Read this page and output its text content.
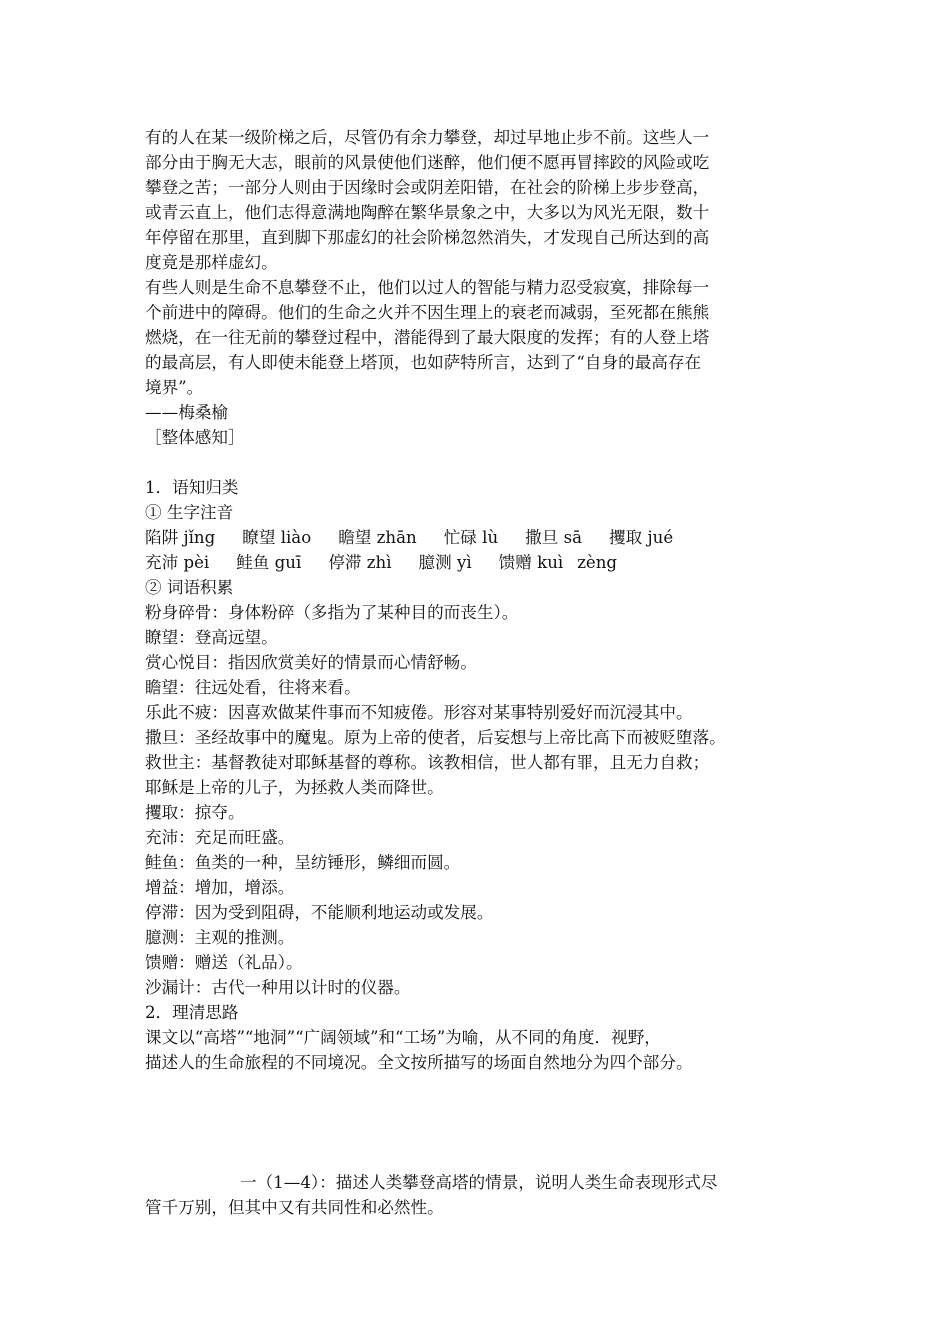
有的人在某一级阶梯之后，尽管仍有余力攀登，却过早地止步不前。这些人一
部分由于胸无大志，眼前的风景使他们迷醉，他们便不愿再冒摔跤的风险或吃
攀登之苦；一部分人则由于因缘时会或阴差阳错，在社会的阶梯上步步登高，
或青云直上，他们志得意满地陶醉在繁华景象之中，大多以为风光无限，数十
年停留在那里，直到脚下那虚幻的社会阶梯忽然消失，才发现自己所达到的高
度竟是那样虚幻。
有些人则是生命不息攀登不止，他们以过人的智能与精力忍受寂寞，排除每一
个前进中的障碍。他们的生命之火并不因生理上的衰老而减弱，至死都在熊熊
燃烧，在一往无前的攀登过程中，潜能得到了最大限度的发挥；有的人登上塔
的最高层，有人即使未能登上塔顶，也如萨特所言，达到了“自身的最高存在
境界”。
——梅桑榆
［整体感知］
1．语知归类
① 生字注音
陷阱 jǐng 瞭望 liào 瞻望 zhān 忙碌 lù 撒旦 sā 攫取 jué
充沛 pèi 鲑鱼 guī 停滞 zhì 臆测 yì 馈赠 kuì zèng
② 词语积累
粉身碎骨：身体粉碎（多指为了某种目的而丧生）。
瞭望：登高远望。
赏心悦目：指因欣赏美好的情景而心情舒畅。
瞻望：往远处看，往将来看。
乐此不疲：因喜欢做某件事而不知疲倦。形容对某事特别爱好而沉浸其中。
撒旦：圣经故事中的魔鬼。原为上帝的使者，后妄想与上帝比高下而被贬堕落。
救世主：基督教徒对耶稣基督的尊称。该教相信，世人都有罪，且无力自救；
耶稣是上帝的儿子，为拯救人类而降世。
攫取：掠夺。
充沛：充足而旺盛。
鲑鱼：鱼类的一种，呈纺锤形，鳞细而圆。
增益：增加，增添。
停滞：因为受到阻碍，不能顺利地运动或发展。
臆测：主观的推测。
馈赠：赠送（礼品）。
沙漏计：古代一种用以计时的仪器。
2．理清思路
课文以“高塔”“地洞”“广阔领域”和“工场”为喻，从不同的角度．视野，
描述人的生命旅程的不同境况。全文按所描写的场面自然地分为四个部分。
一（1—4）：描述人类攀登高塔的情景，说明人类生命表现形式尽
管千万别，但其中又有共同性和必然性。
